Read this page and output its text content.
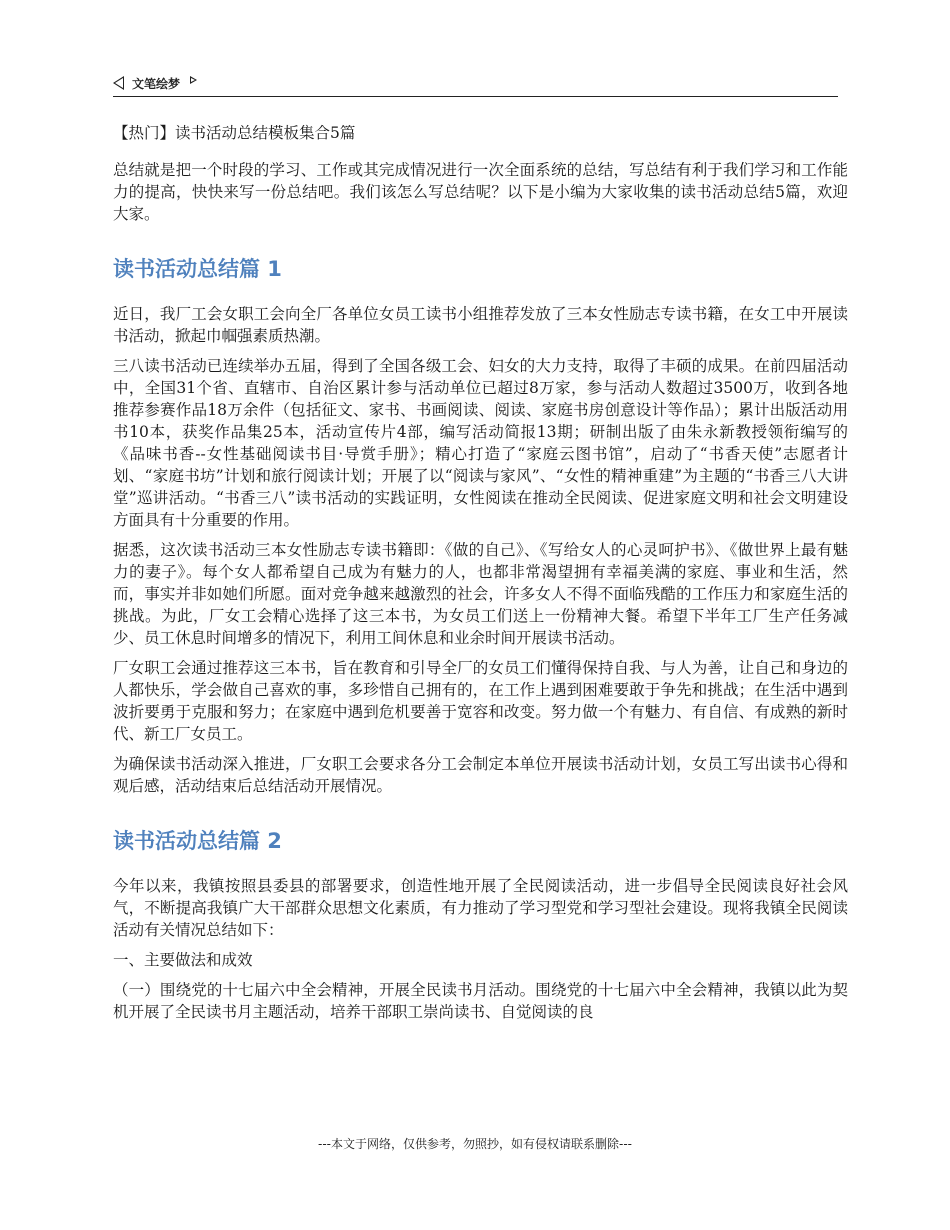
文笔绘梦
【热门】读书活动总结模板集合5篇

总结就是把一个时段的学习、工作或其完成情况进行一次全面系统的总结，写总结有利于我们学习和工作能力的提高，快快来写一份总结吧。我们该怎么写总结呢？以下是小编为大家收集的读书活动总结5篇，欢迎大家。

读书活动总结篇 1

近日，我厂工会女职工会向全厂各单位女员工读书小组推荐发放了三本女性励志专读书籍，在女工中开展读书活动，掀起巾帼强素质热潮。

三八读书活动已连续举办五届，得到了全国各级工会、妇女的大力支持，取得了丰硕的成果。在前四届活动中，全国31个省、直辖市、自治区累计参与活动单位已超过8万家，参与活动人数超过3500万，收到各地推荐参赛作品18万余件（包括征文、家书、书画阅读、阅读、家庭书房创意设计等作品）；累计出版活动用书10本，获奖作品集25本，活动宣传片4部，编写活动简报13期；研制出版了由朱永新教授领衔编写的《品味书香--女性基础阅读书目·导赏手册》；精心打造了“家庭云图书馆”，启动了“书香天使”志愿者计划、“家庭书坊”计划和旅行阅读计划；开展了以“阅读与家风”、“女性的精神重建”为主题的“书香三八大讲堂”巡讲活动。“书香三八”读书活动的实践证明，女性阅读在推动全民阅读、促进家庭文明和社会文明建设方面具有十分重要的作用。

据悉，这次读书活动三本女性励志专读书籍即：《做的自己》、《写给女人的心灵呵护书》、《做世界上最有魅力的妻子》。每个女人都希望自己成为有魅力的人，也都非常渴望拥有幸福美满的家庭、事业和生活，然而，事实并非如她们所愿。面对竞争越来越激烈的社会，许多女人不得不面临残酷的工作压力和家庭生活的挑战。为此，厂女工会精心选择了这三本书，为女员工们送上一份精神大餐。希望下半年工厂生产任务减少、员工休息时间增多的情况下，利用工间休息和业余时间开展读书活动。

厂女职工会通过推荐这三本书，旨在教育和引导全厂的女员工们懂得保持自我、与人为善，让自己和身边的人都快乐，学会做自己喜欢的事，多珍惜自己拥有的，在工作上遇到困难要敢于争先和挑战；在生活中遇到波折要勇于克服和努力；在家庭中遇到危机要善于宽容和改变。努力做一个有魅力、有自信、有成熟的新时代、新工厂女员工。

为确保读书活动深入推进，厂女职工会要求各分工会制定本单位开展读书活动计划，女员工写出读书心得和观后感，活动结束后总结活动开展情况。

读书活动总结篇 2

今年以来，我镇按照县委县的部署要求，创造性地开展了全民阅读活动，进一步倡导全民阅读良好社会风气，不断提高我镇广大干部群众思想文化素质，有力推动了学习型党和学习型社会建设。现将我镇全民阅读活动有关情况总结如下：

一、主要做法和成效

（一）围绕党的十七届六中全会精神，开展全民读书月活动。围绕党的十七届六中全会精神，我镇以此为契机开展了全民读书月主题活动，培养干部职工崇尚读书、自觉阅读的良

---本文于网络，仅供参考，勿照抄，如有侵权请联系删除---
